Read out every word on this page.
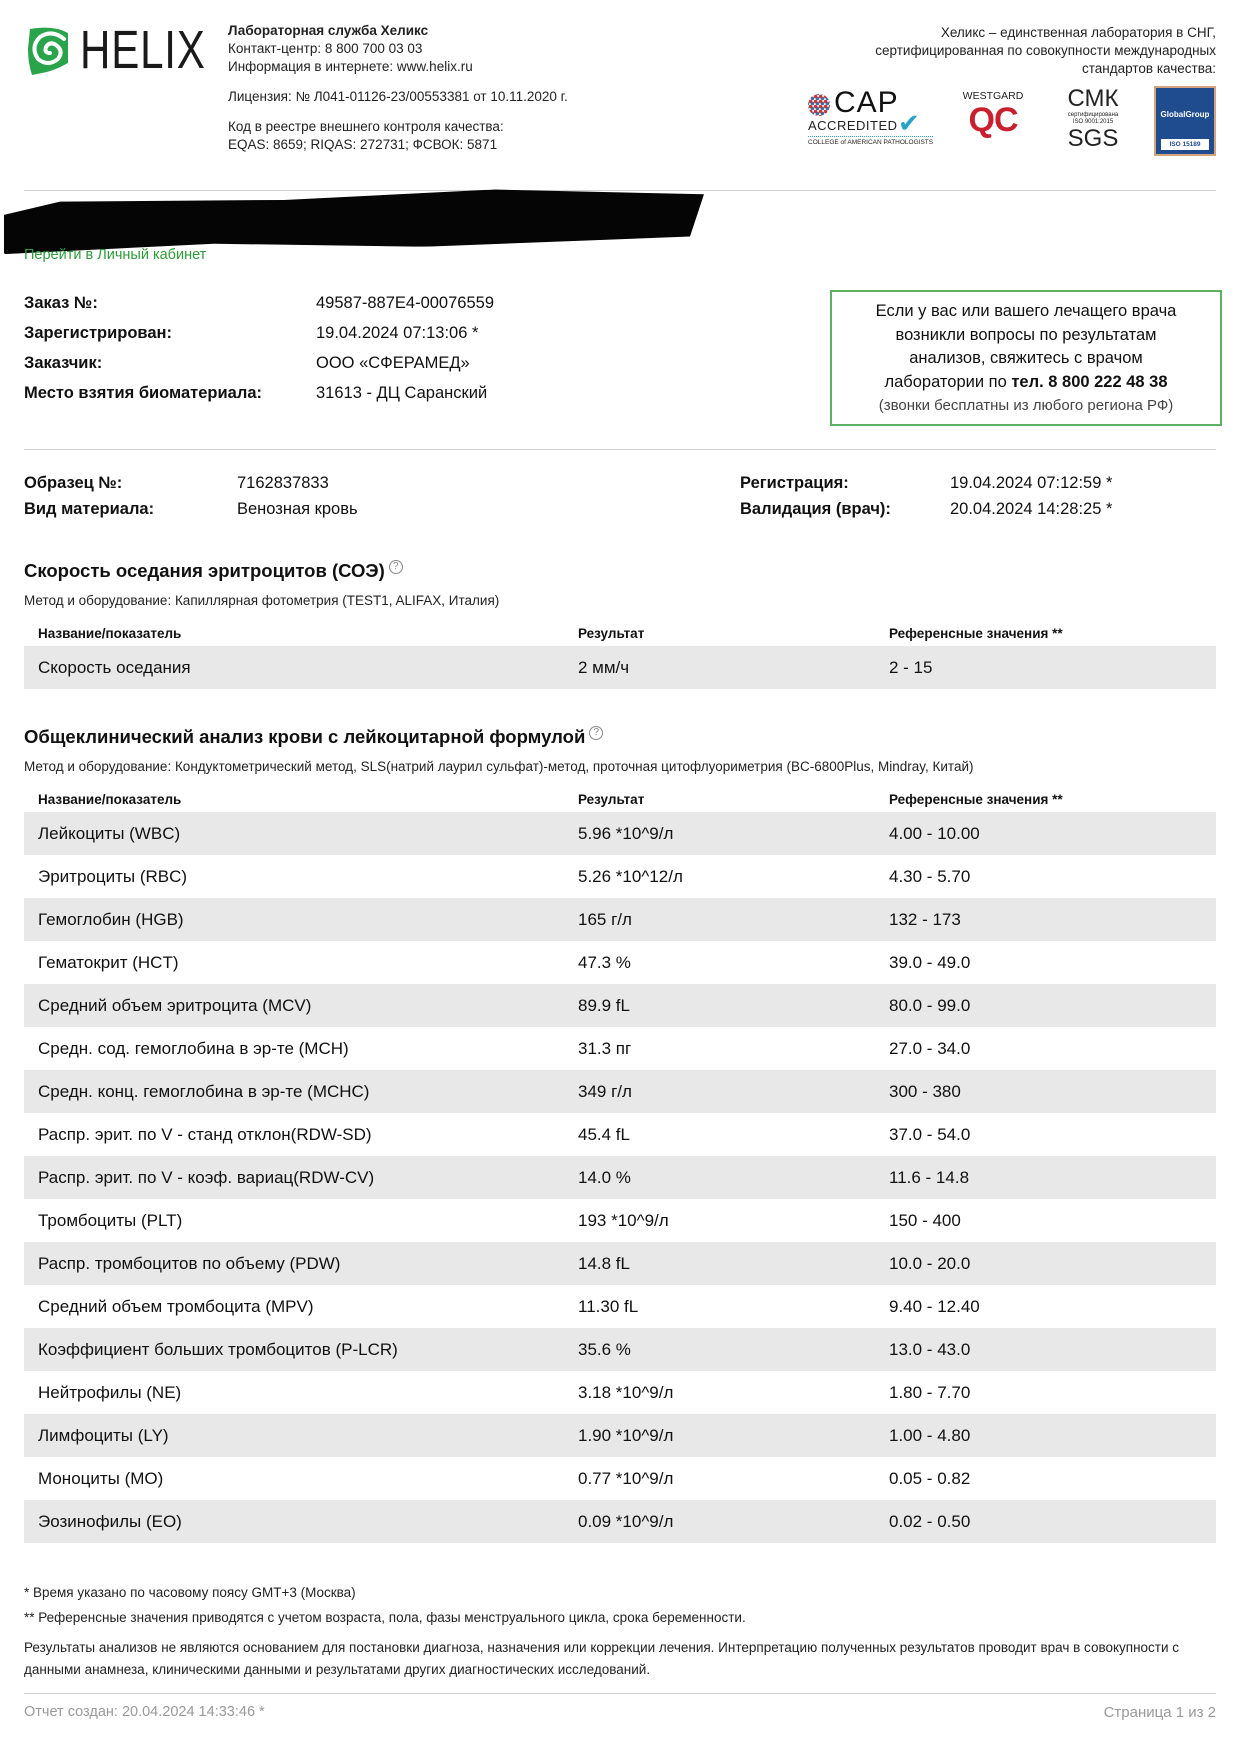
HELIX Лабораторная служба Хеликс
Контакт-центр: 8 800 700 03 03
Информация в интернете: www.helix.ru
Лицензия: № Л041-01126-23/00553381 от 10.11.2020 г.
Код в реестре внешнего контроля качества:
EQAS: 8659; RIQAS: 272731; ФСВОК: 5871
Хеликс – единственная лаборатория в СНГ,
сертифицированная по совокупности международных
стандартов качества:
CAP
ACCREDITED ✔
COLLEGE of AMERICAN PATHOLOGISTS
WESTGARD
QC
СМК
сертифицирована
ISO 9001:2015
SGS
GlobalGroup
ISO 15189
Перейти в Личный кабинет
Заказ №:	49587-887E4-00076559
Зарегистрирован:	19.04.2024 07:13:06 *
Заказчик:	ООО «СФЕРАМЕД»
Место взятия биоматериала:	31613 - ДЦ Саранский
Если у вас или вашего лечащего врача
возникли вопросы по результатам
анализов, свяжитесь с врачом
лаборатории по тел. 8 800 222 48 38
(звонки бесплатны из любого региона РФ)
Образец №:	7162837833
Вид материала:	Венозная кровь
Регистрация:	19.04.2024 07:12:59 *
Валидация (врач):	20.04.2024 14:28:25 *
Скорость оседания эритроцитов (СОЭ) ?
Метод и оборудование: Капиллярная фотометрия (TEST1, ALIFAX, Италия)
Название/показатель	Результат	Референсные значения **
Скорость оседания	2 мм/ч	2 - 15
Общеклинический анализ крови с лейкоцитарной формулой ?
Метод и оборудование: Кондуктометрический метод, SLS(натрий лаурил сульфат)-метод, проточная цитофлуориметрия (BC-6800Plus, Mindray, Китай)
Название/показатель	Результат	Референсные значения **
Лейкоциты (WBC)	5.96 *10^9/л	4.00 - 10.00
Эритроциты (RBC)	5.26 *10^12/л	4.30 - 5.70
Гемоглобин (HGB)	165 г/л	132 - 173
Гематокрит (HCT)	47.3 %	39.0 - 49.0
Средний объем эритроцита (MCV)	89.9 fL	80.0 - 99.0
Средн. сод. гемоглобина в эр-те (MCH)	31.3 пг	27.0 - 34.0
Средн. конц. гемоглобина в эр-те (MCHC)	349 г/л	300 - 380
Распр. эрит. по V - станд отклон(RDW-SD)	45.4 fL	37.0 - 54.0
Распр. эрит. по V - коэф. вариац(RDW-CV)	14.0 %	11.6 - 14.8
Тромбоциты (PLT)	193 *10^9/л	150 - 400
Распр. тромбоцитов по объему (PDW)	14.8 fL	10.0 - 20.0
Средний объем тромбоцита (MPV)	11.30 fL	9.40 - 12.40
Коэффициент больших тромбоцитов (P-LCR)	35.6 %	13.0 - 43.0
Нейтрофилы (NE)	3.18 *10^9/л	1.80 - 7.70
Лимфоциты (LY)	1.90 *10^9/л	1.00 - 4.80
Моноциты (MO)	0.77 *10^9/л	0.05 - 0.82
Эозинофилы (EO)	0.09 *10^9/л	0.02 - 0.50
* Время указано по часовому поясу GMT+3 (Москва)
** Референсные значения приводятся с учетом возраста, пола, фазы менструального цикла, срока беременности.
Результаты анализов не являются основанием для постановки диагноза, назначения или коррекции лечения. Интерпретацию полученных результатов проводит врач в совокупности с данными анамнеза, клиническими данными и результатами других диагностических исследований.
Отчет создан: 20.04.2024 14:33:46 *	Страница 1 из 2
